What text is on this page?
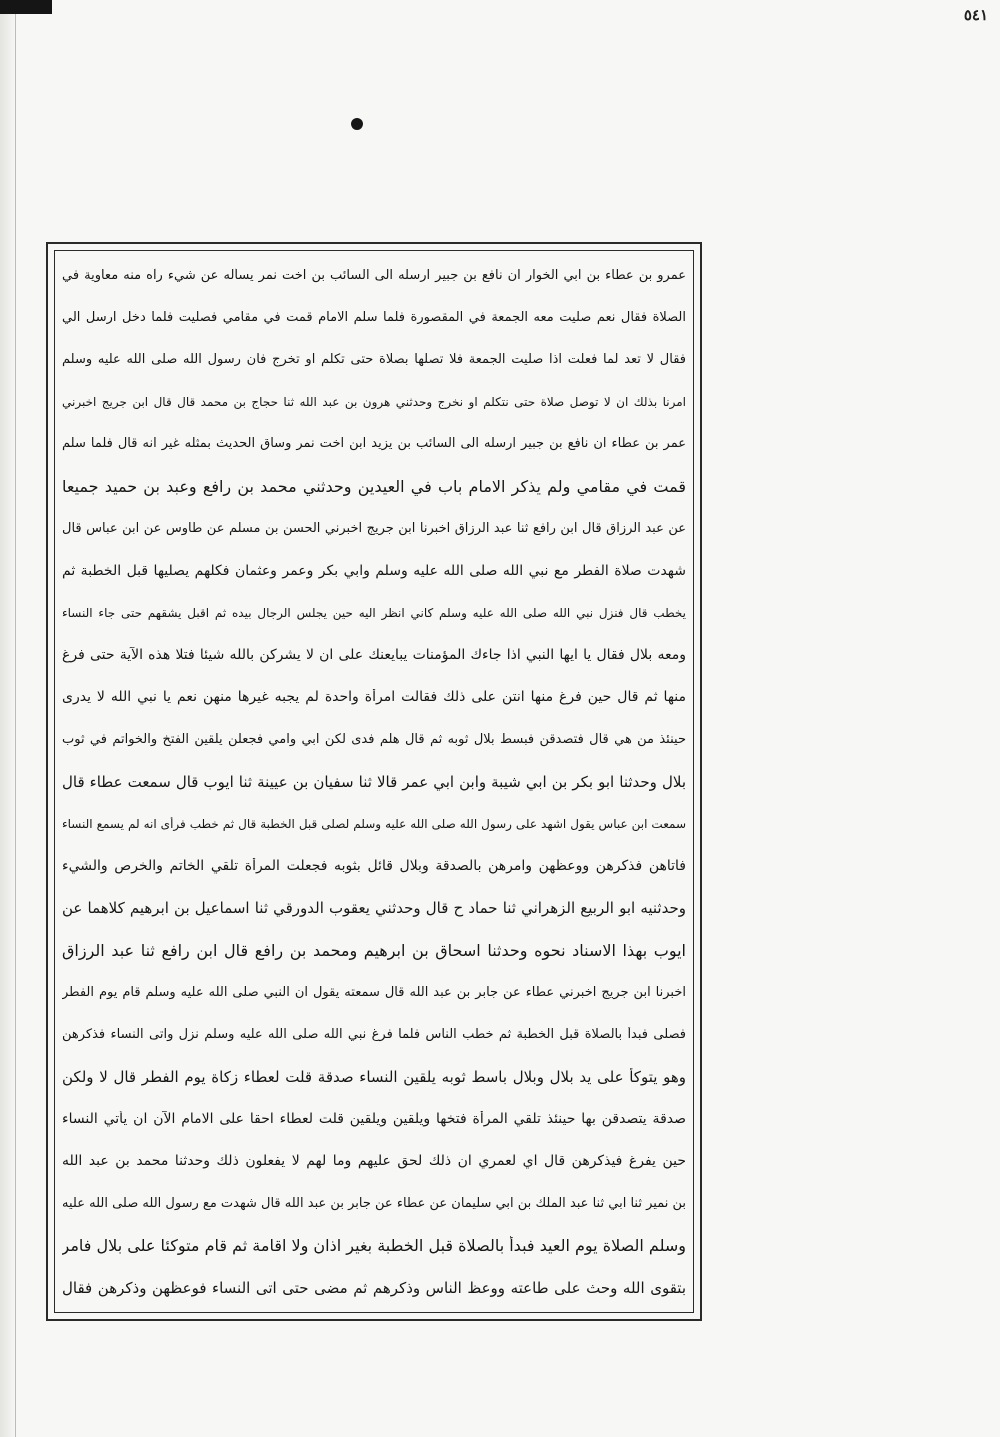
٥٤١
عمرو بن عطاء بن ابي الخوار ان نافع بن جبير ارسله الى السائب بن اخت نمر يسأله عن شيء رآه منه معاوية في
الصلاة فقال نعم صليت معه الجمعة في المقصورة فلما سلم الامام قمت في مقامي فصليت فلما دخل ارسل الي
فقال لا تعد لما فعلت اذا صليت الجمعة فلا تصلها بصلاة حتى تكلم او تخرج فان رسول الله صلى الله عليه وسلم
امرنا بذلك ان لا توصل صلاة حتى نتكلم او نخرج وحدثني هرون بن عبد الله ثنا حجاج بن محمد قال قال ابن جريج اخبرني
عمر بن عطاء ان نافع بن جبير ارسله الى السائب بن يزيد ابن اخت نمر وساق الحديث بمثله غير انه قال فلما سلم
قمت في مقامي ولم يذكر الامام باب في العيدين وحدثني محمد بن رافع وعبد بن حميد جميعا
عن عبد الرزاق قال ابن رافع ثنا عبد الرزاق اخبرنا ابن جريج اخبرني الحسن بن مسلم عن طاوس عن ابن عباس قال
شهدت صلاة الفطر مع نبي الله صلى الله عليه وسلم وابي بكر وعمر وعثمان فكلهم يصليها قبل الخطبة ثم
يخطب قال فنزل نبي الله صلى الله عليه وسلم كاني انظر اليه حين يجلس الرجال بيده ثم اقبل يشقهم حتى جاء النساء
ومعه بلال فقال يا ايها النبي اذا جاءك المؤمنات يبايعنك على ان لا يشركن بالله شيئا فتلا هذه الآية حتى فرغ
منها ثم قال حين فرغ منها انتن على ذلك فقالت امرأة واحدة لم يجبه غيرها منهن نعم يا نبي الله لا يدرى
حينئذ من هي قال فتصدقن فبسط بلال ثوبه ثم قال هلم فدى لكن ابي وامي فجعلن يلقين الفتخ والخواتم في ثوب
بلال وحدثنا ابو بكر بن ابي شيبة وابن ابي عمر قالا ثنا سفيان بن عيينة ثنا ايوب قال سمعت عطاء قال
سمعت ابن عباس يقول اشهد على رسول الله صلى الله عليه وسلم لصلى قبل الخطبة قال ثم خطب فرأى انه لم يسمع النساء
فاتاهن فذكرهن ووعظهن وامرهن بالصدقة وبلال قائل بثوبه فجعلت المرأة تلقي الخاتم والخرص والشيء
وحدثنيه ابو الربيع الزهراني ثنا حماد ح قال وحدثني يعقوب الدورقي ثنا اسماعيل بن ابرهيم كلاهما عن
ايوب بهذا الاسناد نحوه وحدثنا اسحاق بن ابرهيم ومحمد بن رافع قال ابن رافع ثنا عبد الرزاق
اخبرنا ابن جريج اخبرني عطاء عن جابر بن عبد الله قال سمعته يقول ان النبي صلى الله عليه وسلم قام يوم الفطر
فصلى فبدأ بالصلاة قبل الخطبة ثم خطب الناس فلما فرغ نبي الله صلى الله عليه وسلم نزل واتى النساء فذكرهن
وهو يتوكأ على يد بلال وبلال باسط ثوبه يلقين النساء صدقة قلت لعطاء زكاة يوم الفطر قال لا ولكن
صدقة يتصدقن بها حينئذ تلقي المرأة فتخها ويلقين ويلقين قلت لعطاء احقا على الامام الآن ان يأتي النساء
حين يفرغ فيذكرهن قال اي لعمري ان ذلك لحق عليهم وما لهم لا يفعلون ذلك وحدثنا محمد بن عبد الله
بن نمير ثنا ابي ثنا عبد الملك بن ابي سليمان عن عطاء عن جابر بن عبد الله قال شهدت مع رسول الله صلى الله عليه
وسلم الصلاة يوم العيد فبدأ بالصلاة قبل الخطبة بغير اذان ولا اقامة ثم قام متوكئا على بلال فامر
بتقوى الله وحث على طاعته ووعظ الناس وذكرهم ثم مضى حتى اتى النساء فوعظهن وذكرهن فقال
